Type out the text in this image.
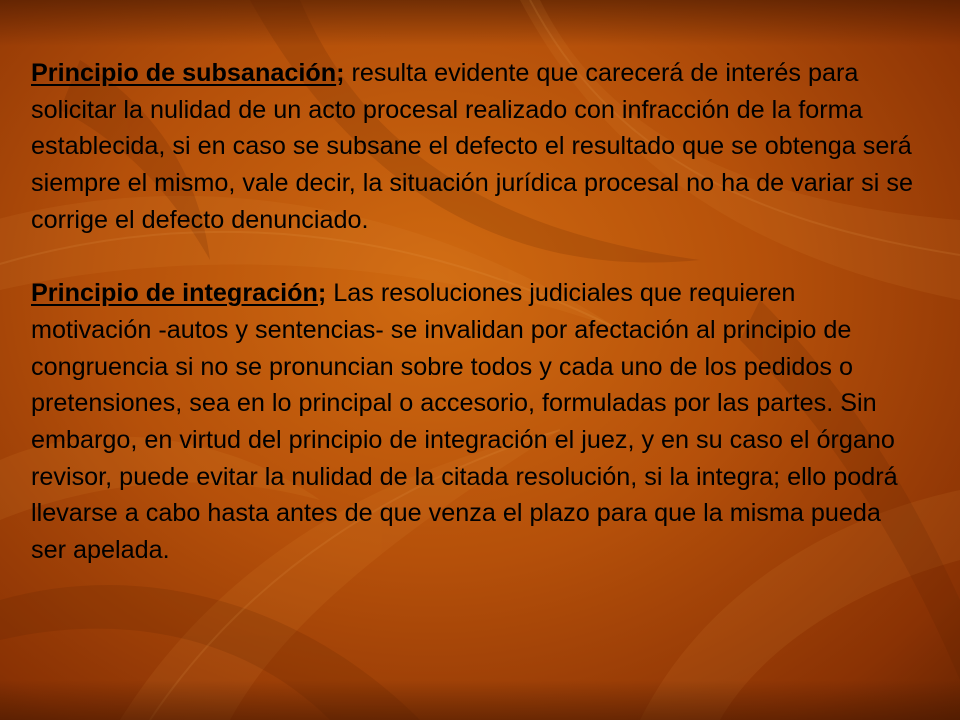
Principio de subsanación; resulta evidente que carecerá de interés para solicitar la nulidad de un acto procesal realizado con infracción de la forma establecida, si en caso se subsane el defecto el resultado que se obtenga será siempre el mismo, vale decir, la situación jurídica procesal no ha de variar si se corrige el defecto denunciado.

Principio de integración; Las resoluciones judiciales que requieren motivación -autos y sentencias- se invalidan por afectación al principio de congruencia si no se pronuncian sobre todos y cada uno de los pedidos o pretensiones, sea en lo principal o accesorio, formuladas por las partes. Sin embargo, en virtud del principio de integración el juez, y en su caso el órgano revisor, puede evitar la nulidad de la citada resolución, si la integra; ello podrá llevarse a cabo hasta antes de que venza el plazo para que la misma pueda ser apelada.
